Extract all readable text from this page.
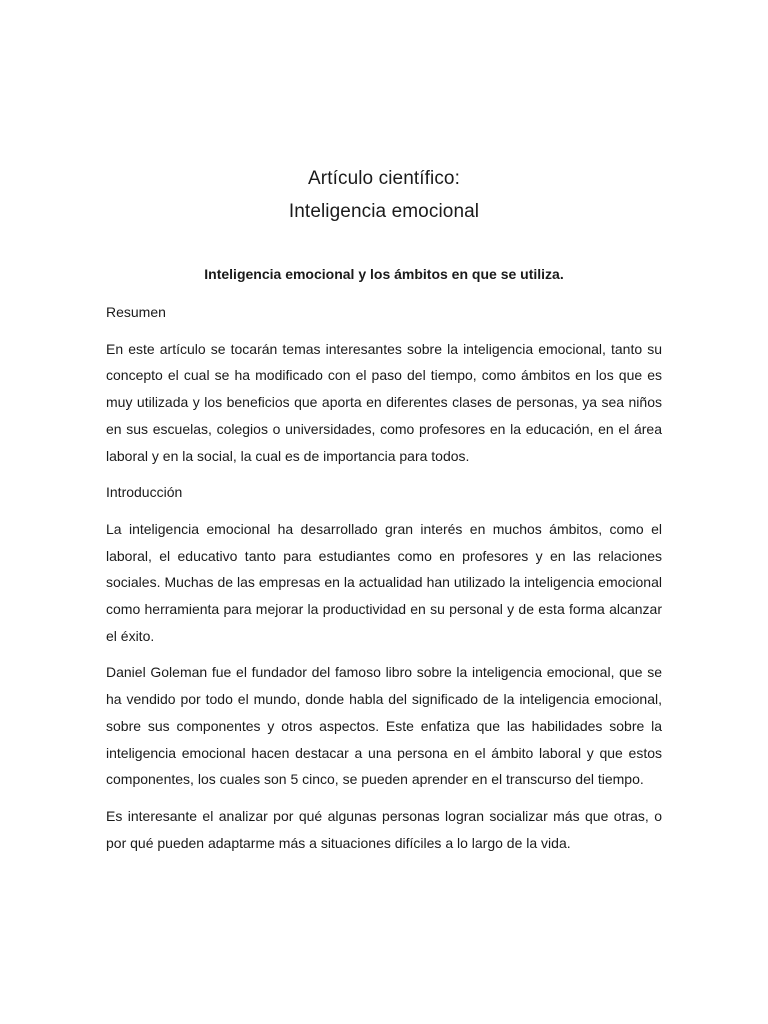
Artículo científico:
Inteligencia emocional
Inteligencia emocional y los ámbitos en que se utiliza.

Resumen

En este artículo se tocarán temas interesantes sobre la inteligencia emocional, tanto su concepto el cual se ha modificado con el paso del tiempo, como ámbitos en los que es muy utilizada y los beneficios que aporta en diferentes clases de personas, ya sea niños en sus escuelas, colegios o universidades, como profesores en la educación, en el área laboral y en la social, la cual es de importancia para todos.

Introducción

La inteligencia emocional ha desarrollado gran interés en muchos ámbitos, como el laboral, el educativo tanto para estudiantes como en profesores y en las relaciones sociales. Muchas de las empresas en la actualidad han utilizado la inteligencia emocional como herramienta para mejorar la productividad en su personal y de esta forma alcanzar el éxito.

Daniel Goleman fue el fundador del famoso libro sobre la inteligencia emocional, que se ha vendido por todo el mundo, donde habla del significado de la inteligencia emocional, sobre sus componentes y otros aspectos. Este enfatiza que las habilidades sobre la inteligencia emocional hacen destacar a una persona en el ámbito laboral y que estos componentes, los cuales son 5 cinco, se pueden aprender en el transcurso del tiempo.

Es interesante el analizar por qué algunas personas logran socializar más que otras, o por qué pueden adaptarme más a situaciones difíciles a lo largo de la vida.
